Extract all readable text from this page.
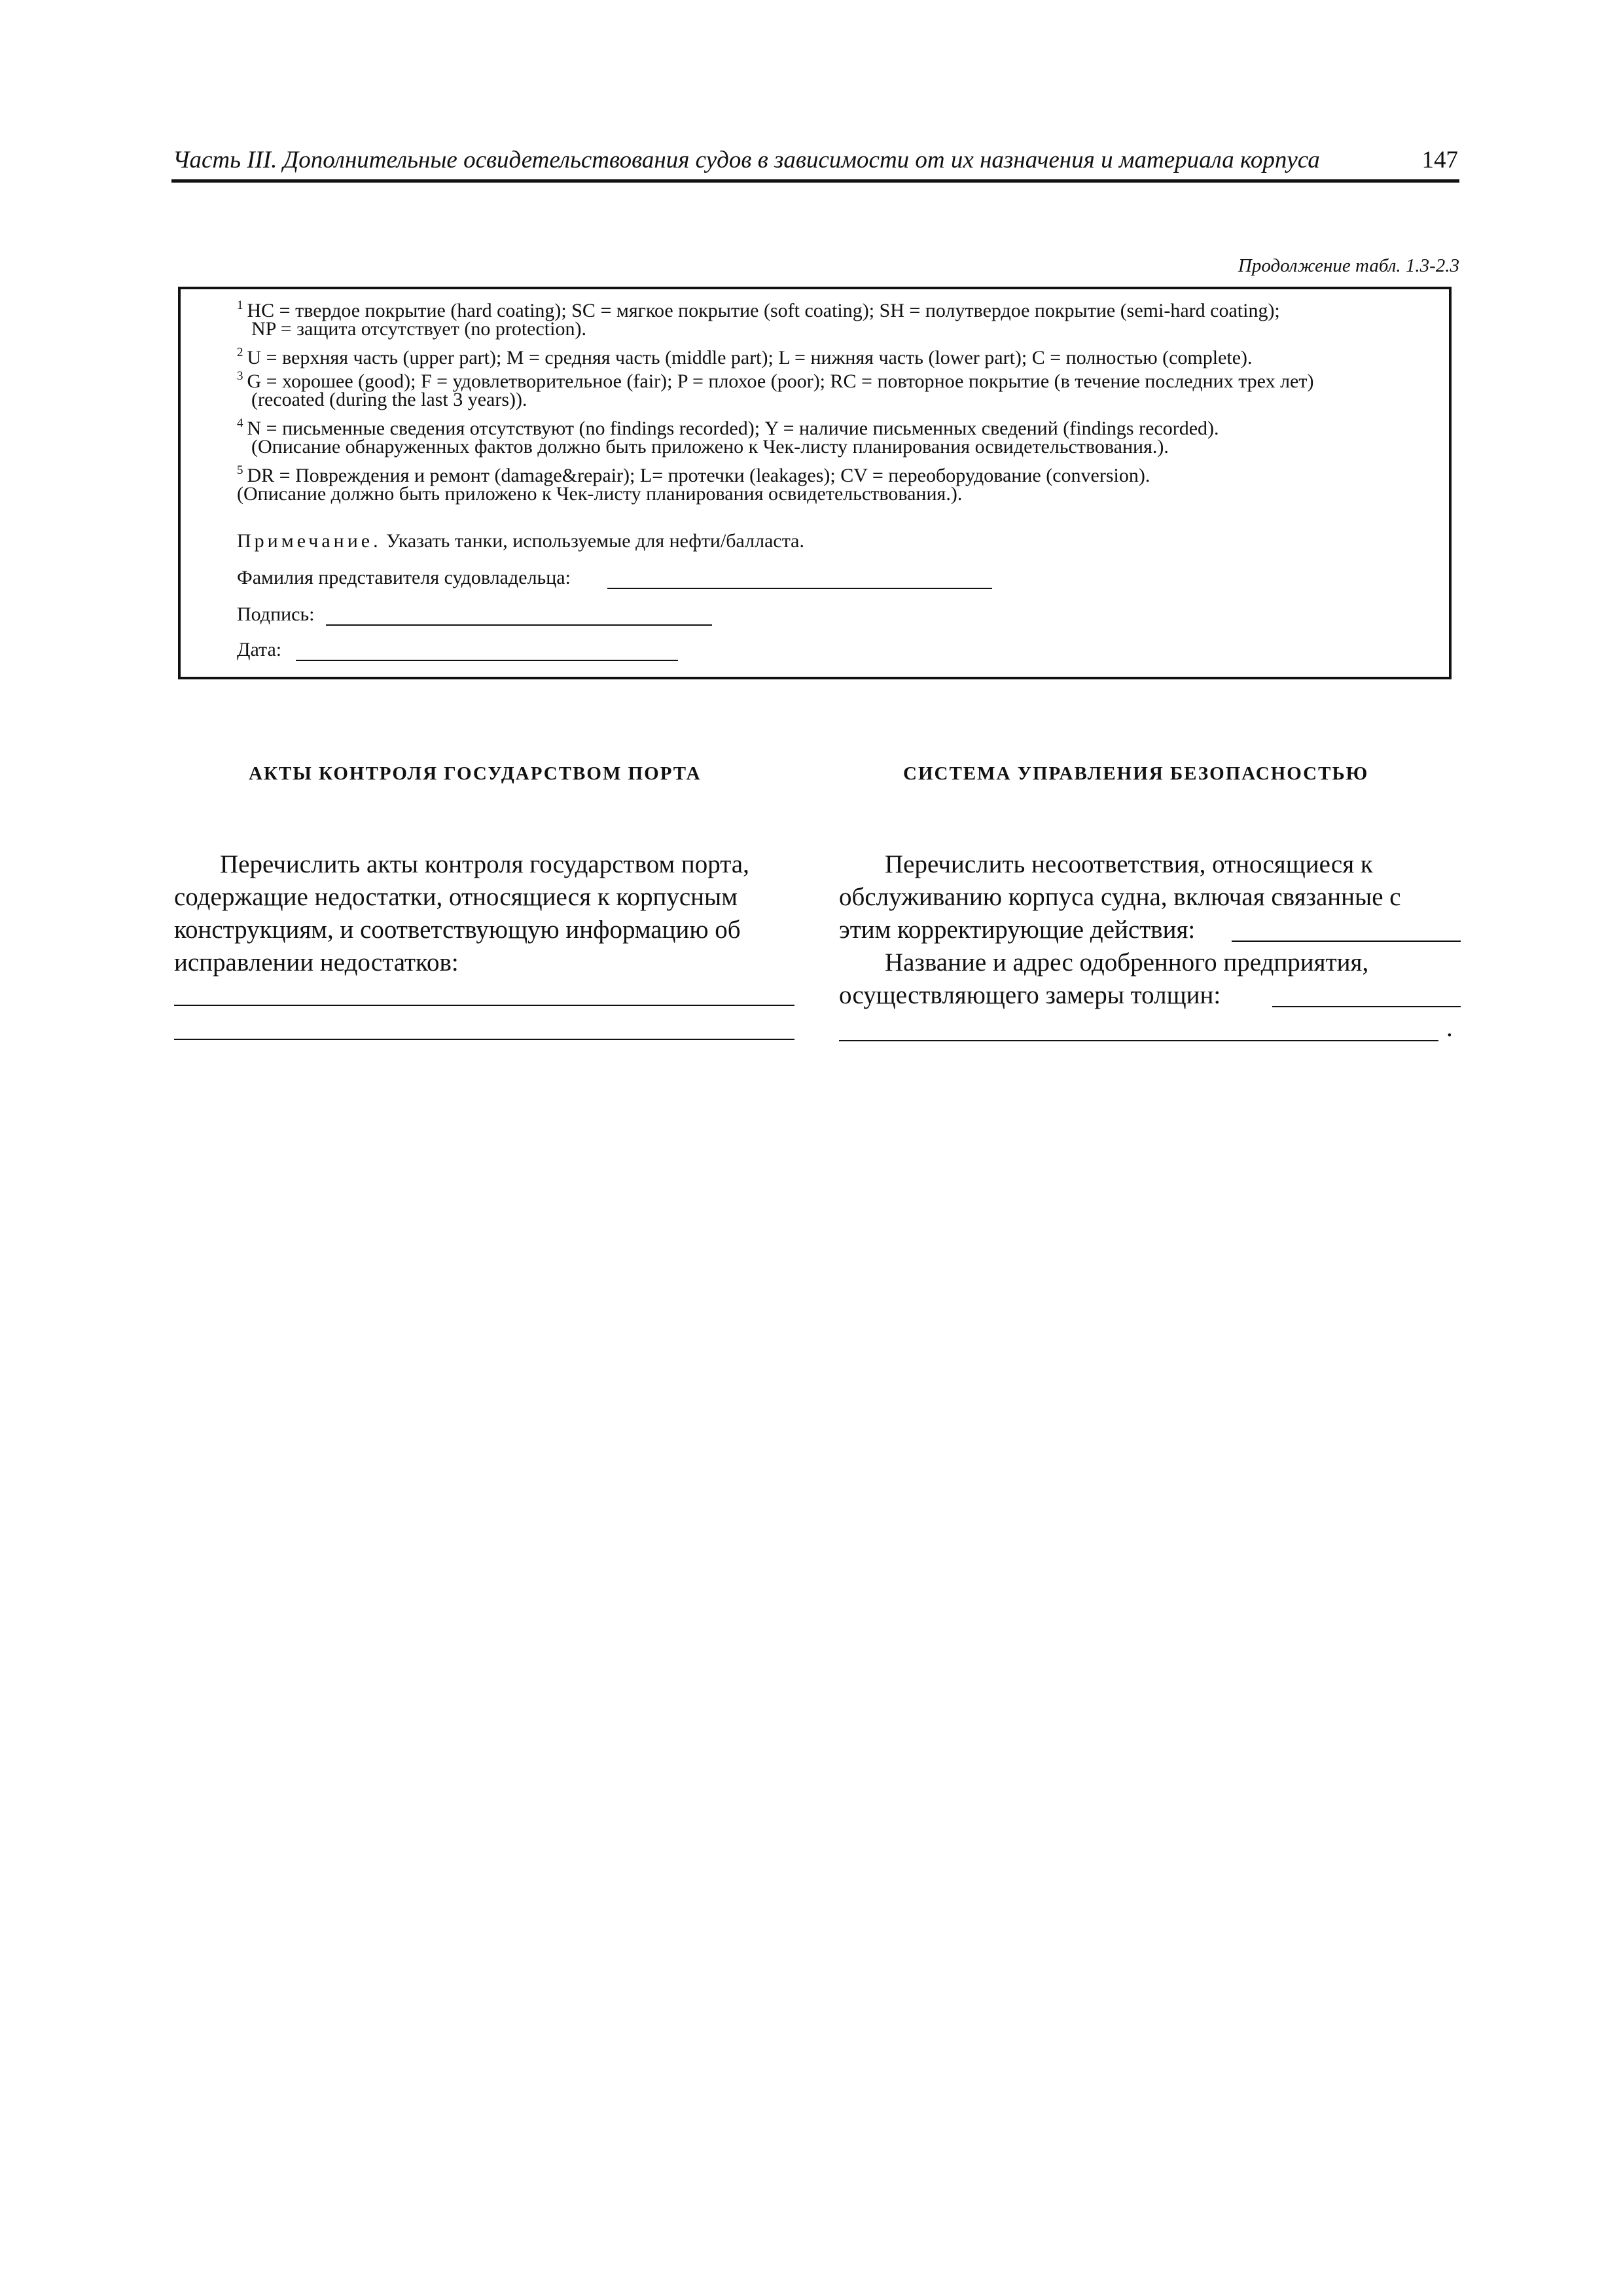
Часть III. Дополнительные освидетельствования судов в зависимости от их назначения и материала корпуса	147
Продолжение табл. 1.3-2.3
$^1$ HC = твердое покрытие (hard coating); SC = мягкое покрытие (soft coating); SH = полутвердое покрытие (semi-hard coating);
NP = защита отсутствует (no protection).
$^2$ U = верхняя часть (upper part); M = средняя часть (middle part); L = нижняя часть (lower part); C = полностью (complete).
$^3$ G = хорошее (good); F = удовлетворительное (fair); P = плохое (poor); RC = повторное покрытие (в течение последних трех лет)
(recoated (during the last 3 years)).
$^4$ N = письменные сведения отсутствуют (no findings recorded); Y = наличие письменных сведений (findings recorded).
(Описание обнаруженных фактов должно быть приложено к Чек-листу планирования освидетельствования.).
$^5$ DR = Повреждения и ремонт (damage&repair); L= протечки (leakages); CV = переоборудование (conversion).
(Описание должно быть приложено к Чек-листу планирования освидетельствования.).
Примечание. Указать танки, используемые для нефти/балласта.
Фамилия представителя судовладельца:
Подпись:
Дата:
АКТЫ КОНТРОЛЯ ГОСУДАРСТВОМ ПОРТА
Перечислить акты контроля государством порта,
содержащие недостатки, относящиеся к корпусным
конструкциям, и соответствующую информацию об
исправлении недостатков:
СИСТЕМА УПРАВЛЕНИЯ БЕЗОПАСНОСТЬЮ
Перечислить несоответствия, относящиеся к
обслуживанию корпуса судна, включая связанные с
этим корректирующие действия:
Название и адрес одобренного предприятия,
осуществляющего замеры толщин:
.
